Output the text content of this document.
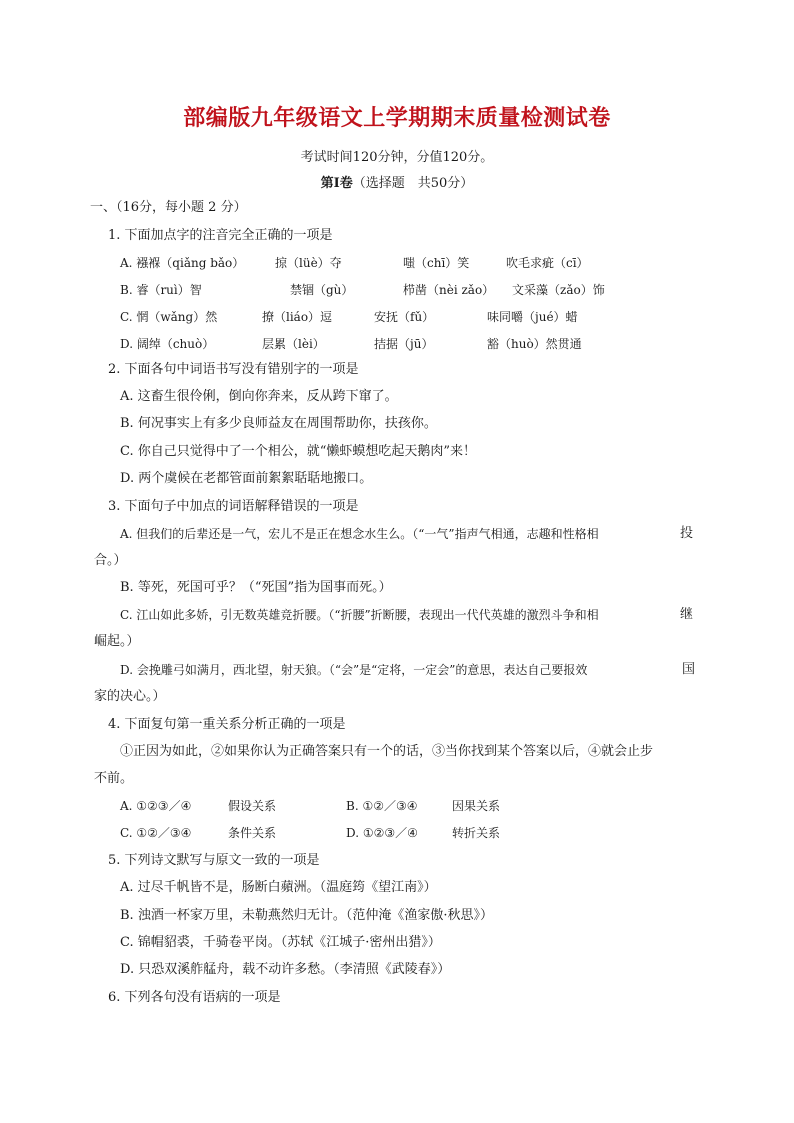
部编版九年级语文上学期期末质量检测试卷
考试时间120分钟，分值120分。
第Ⅰ卷（选择题　共50分）
一、（16分，每小题 2 分）
1. 下面加点字的注音完全正确的一项是
A. 襁褓（qiǎng bǎo）	掠（lüè）夺	嗤（chī）笑	吹毛求疵（cī）
B. 睿（ruì）智	禁锢（gù）	栉凿（nèi zǎo） 文采藻（zǎo）饰
C. 惘（wǎng）然	撩（liáo）逗	安抚（fǔ）	味同嚼（jué）蜡
D. 阔绰（chuò）	层累（lèi）	拮据（jū）	豁（huò）然贯通
2. 下面各句中词语书写没有错别字的一项是
A. 这畜生很伶俐，倒向你奔来，反从跨下窜了。
B. 何况事实上有多少良师益友在周围帮助你，扶孩你。
C. 你自己只觉得中了一个相公，就“懒虾蟆想吃起天鹅肉”来！
D. 两个虞候在老都管面前絮絮聒聒地搬口。
3. 下面句子中加点的词语解释错误的一项是
A. 但我们的后辈还是一气，宏儿不是正在想念水生么。（“一气”指声气相通，志趣和性格相	投
合。）
B. 等死，死国可乎？（“死国”指为国事而死。）
C. 江山如此多娇，引无数英雄竞折腰。（“折腰”折断腰，表现出一代代英雄的激烈斗争和相	继
崛起。）
D. 会挽雕弓如满月，西北望，射天狼。（“会”是“定将，一定会”的意思，表达自己要报效	国
家的决心。）
4. 下面复句第一重关系分析正确的一项是
①正因为如此，②如果你认为正确答案只有一个的话，③当你找到某个答案以后，④就会止步
不前。
A. ①②③／④	假设关系	B. ①②／③④	因果关系
C. ①②／③④	条件关系	D. ①②③／④	转折关系
5. 下列诗文默写与原文一致的一项是
A. 过尽千帆皆不是，肠断白蘋洲。（温庭筠《望江南》）
B. 浊酒一杯家万里，未勒燕然归无计。（范仲淹《渔家傲·秋思》）
C. 锦帽貂裘，千骑卷平岗。（苏轼《江城子·密州出猎》）
D. 只恐双溪舴艋舟，载不动许多愁。（李清照《武陵春》）
6. 下列各句没有语病的一项是
